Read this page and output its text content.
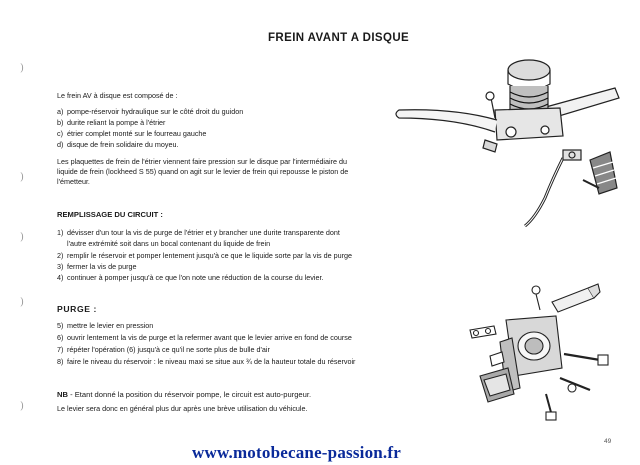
FREIN AVANT A DISQUE
)
)
)
)
)
Le frein AV à disque est composé de :
a) pompe-réservoir hydraulique sur le côté droit du guidon
b) durite reliant la pompe à l'étrier
c) étrier complet monté sur le fourreau gauche
d) disque de frein solidaire du moyeu.
Les plaquettes de frein de l'étrier viennent faire pression sur le disque par l'intermédiaire du
liquide de frein (lockheed S 55) quand on agit sur le levier de frein qui repousse le piston de
l'émetteur.
REMPLISSAGE DU CIRCUIT :
1) dévisser d'un tour la vis de purge de l'étrier et y brancher une durite transparente dont
l'autre extrémité soit dans un bocal contenant du liquide de frein
2) remplir le réservoir et pomper lentement jusqu'à ce que le liquide sorte par la vis de purge
3) fermer la vis de purge
4) continuer à pomper jusqu'à ce que l'on note une réduction de la course du levier.
PURGE :
5) mettre le levier en pression
6) ouvrir lentement la vis de purge et la refermer avant que le levier arrive en fond de course
7) répéter l'opération (6) jusqu'à ce qu'il ne sorte plus de bulle d'air
8) faire le niveau du réservoir : le niveau maxi se situe aux ¾ de la hauteur totale du réservoir
NB - Etant donné la position du réservoir pompe, le circuit est auto-purgeur.
Le levier sera donc en général plus dur après une brève utilisation du véhicule.
49
www.motobecane-passion.fr
